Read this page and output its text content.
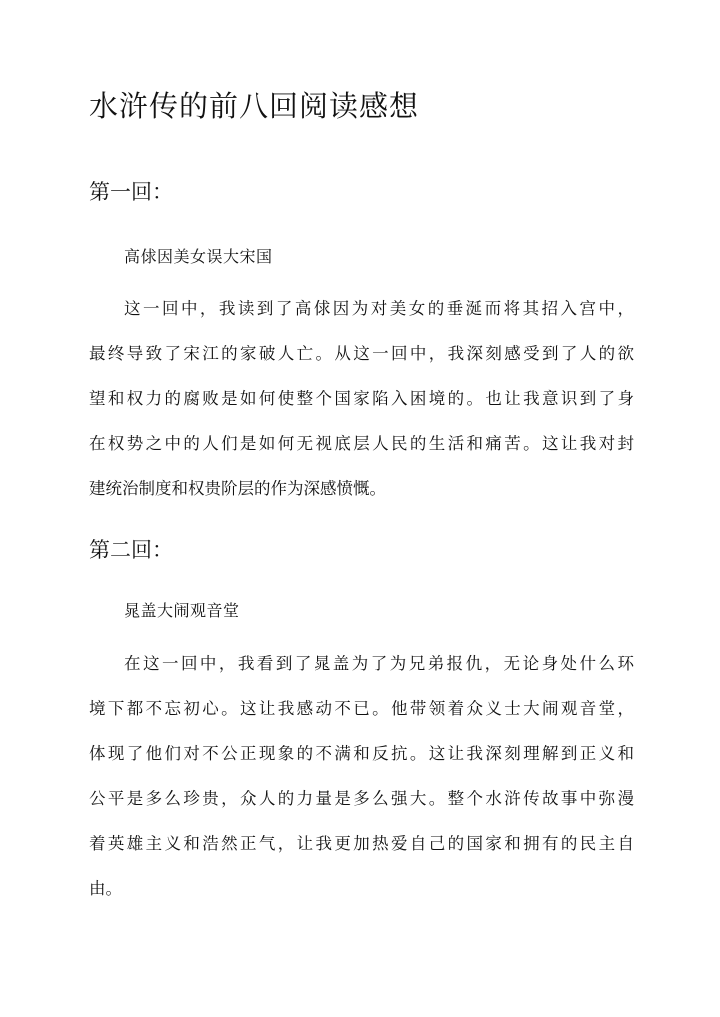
水浒传的前八回阅读感想
第一回：

高俅因美女误大宋国

这一回中，我读到了高俅因为对美女的垂涎而将其招入宫中，
最终导致了宋江的家破人亡。从这一回中，我深刻感受到了人的欲
望和权力的腐败是如何使整个国家陷入困境的。也让我意识到了身
在权势之中的人们是如何无视底层人民的生活和痛苦。这让我对封
建统治制度和权贵阶层的作为深感愤慨。
第二回：

晁盖大闹观音堂

在这一回中，我看到了晁盖为了为兄弟报仇，无论身处什么环
境下都不忘初心。这让我感动不已。他带领着众义士大闹观音堂，
体现了他们对不公正现象的不满和反抗。这让我深刻理解到正义和
公平是多么珍贵，众人的力量是多么强大。整个水浒传故事中弥漫
着英雄主义和浩然正气，让我更加热爱自己的国家和拥有的民主自
由。
